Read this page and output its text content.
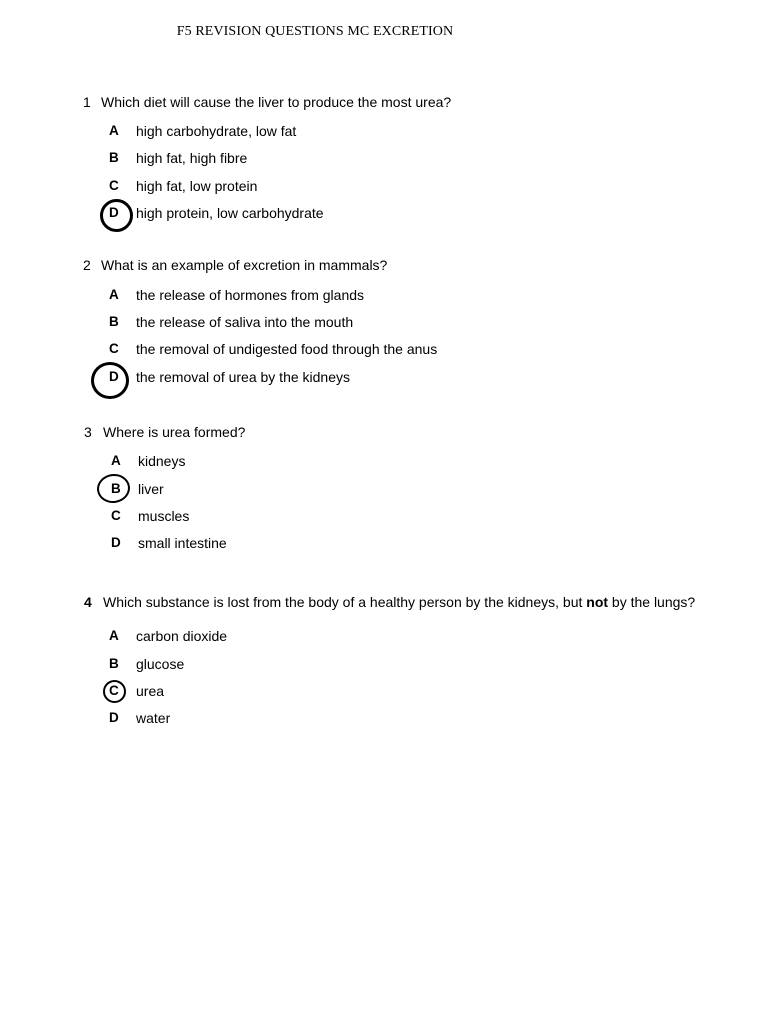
F5 REVISION QUESTIONS MC EXCRETION
1 Which diet will cause the liver to produce the most urea?
A high carbohydrate, low fat
B high fat, high fibre
C high fat, low protein
D high protein, low carbohydrate
2 What is an example of excretion in mammals?
A the release of hormones from glands
B the release of saliva into the mouth
C the removal of undigested food through the anus
D the removal of urea by the kidneys
3 Where is urea formed?
A kidneys
B liver
C muscles
D small intestine
4 Which substance is lost from the body of a healthy person by the kidneys, but not by the lungs?
A carbon dioxide
B glucose
C urea
D water
